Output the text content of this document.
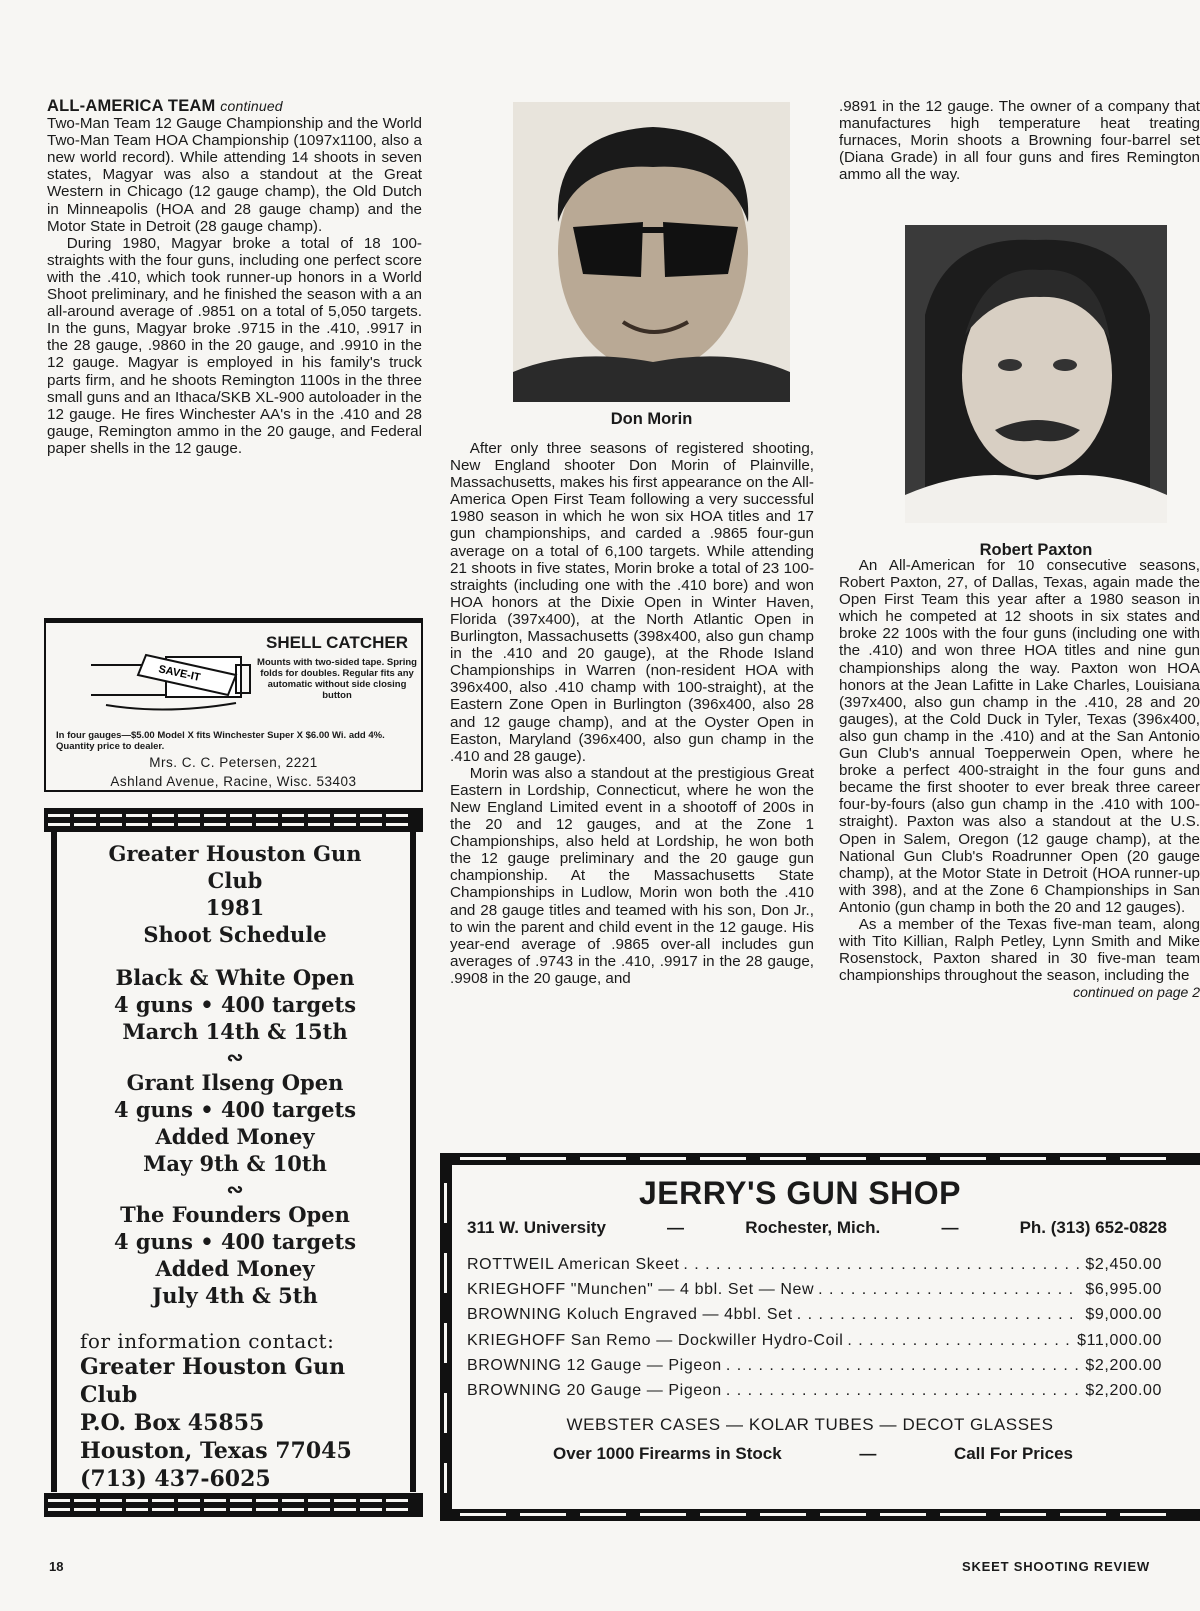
ALL-AMERICA TEAM continued

Two-Man Team 12 Gauge Championship and the World Two-Man Team HOA Championship (1097x1100, also a new world record). While attending 14 shoots in seven states, Magyar was also a standout at the Great Western in Chicago (12 gauge champ), the Old Dutch in Minneapolis (HOA and 28 gauge champ) and the Motor State in Detroit (28 gauge champ).

During 1980, Magyar broke a total of 18 100-straights with the four guns, including one perfect score with the .410, which took runner-up honors in a World Shoot preliminary, and he finished the season with a an all-around average of .9851 on a total of 5,050 targets. In the guns, Magyar broke .9715 in the .410, .9917 in the 28 gauge, .9860 in the 20 gauge, and .9910 in the 12 gauge. Magyar is employed in his family's truck parts firm, and he shoots Remington 1100s in the three small guns and an Ithaca/SKB XL-900 autoloader in the 12 gauge. He fires Winchester AA's in the .410 and 28 gauge, Remington ammo in the 20 gauge, and Federal paper shells in the 12 gauge.

Don Morin

After only three seasons of registered shooting, New England shooter Don Morin of Plainville, Massachusetts, makes his first appearance on the All-America Open First Team following a very successful 1980 season in which he won six HOA titles and 17 gun championships, and carded a .9865 four-gun average on a total of 6,100 targets. While attending 21 shoots in five states, Morin broke a total of 23 100-straights (including one with the .410 bore) and won HOA honors at the Dixie Open in Winter Haven, Florida (397x400), at the North Atlantic Open in Burlington, Massachusetts (398x400, also gun champ in the .410 and 20 gauge), at the Rhode Island Championships in Warren (non-resident HOA with 396x400, also .410 champ with 100-straight), at the Eastern Zone Open in Burlington (396x400, also 28 and 12 gauge champ), and at the Oyster Open in Easton, Maryland (396x400, also gun champ in the .410 and 28 gauge).

Morin was also a standout at the prestigious Great Eastern in Lordship, Connecticut, where he won the New England Limited event in a shootoff of 200s in the 20 and 12 gauges, and at the Zone 1 Championships, also held at Lordship, he won both the 12 gauge preliminary and the 20 gauge gun championship. At the Massachusetts State Championships in Ludlow, Morin won both the .410 and 28 gauge titles and teamed with his son, Don Jr., to win the parent and child event in the 12 gauge. His year-end average of .9865 over-all includes gun averages of .9743 in the .410, .9917 in the 28 gauge, .9908 in the 20 gauge, and

.9891 in the 12 gauge. The owner of a company that manufactures high temperature heat treating furnaces, Morin shoots a Browning four-barrel set (Diana Grade) in all four guns and fires Remington ammo all the way.

Robert Paxton

An All-American for 10 consecutive seasons, Robert Paxton, 27, of Dallas, Texas, again made the Open First Team this year after a 1980 season in which he competed at 12 shoots in six states and broke 22 100s with the four guns (including one with the .410) and won three HOA titles and nine gun championships along the way. Paxton won HOA honors at the Jean Lafitte in Lake Charles, Louisiana (397x400, also gun champ in the .410, 28 and 20 gauges), at the Cold Duck in Tyler, Texas (396x400, also gun champ in the .410) and at the San Antonio Gun Club's annual Toepperwein Open, where he broke a perfect 400-straight in the four guns and became the first shooter to ever break three career four-by-fours (also gun champ in the .410 with 100-straight). Paxton was also a standout at the U.S. Open in Salem, Oregon (12 gauge champ), at the National Gun Club's Roadrunner Open (20 gauge champ), at the Motor State in Detroit (HOA runner-up with 398), and at the Zone 6 Championships in San Antonio (gun champ in both the 20 and 12 gauges).

As a member of the Texas five-man team, along with Tito Killian, Ralph Petley, Lynn Smith and Mike Rosenstock, Paxton shared in 30 five-man team championships throughout the season, including the

continued on page 2

SAVE-IT
SHELL CATCHER
Mounts with two-sided tape. Spring folds for doubles. Regular fits any automatic without side closing button
In four gauges—$5.00 Model X fits Winchester Super X $6.00 Wi. add 4%. Quantity price to dealer.
Mrs. C. C. Petersen, 2221
Ashland Avenue, Racine, Wisc. 53403
Greater Houston Gun Club
1981
Shoot Schedule
Black & White Open
4 guns • 400 targets
March 14th & 15th
∾
Grant Ilseng Open
4 guns • 400 targets
Added Money
May 9th & 10th
∾
The Founders Open
4 guns • 400 targets
Added Money
July 4th & 5th
for information contact:
Greater Houston Gun Club
P.O. Box 45855
Houston, Texas 77045
(713) 437-6025
JERRY'S GUN SHOP
311 W. University	—	Rochester, Mich.	—	Ph. (313) 652-0828
ROTTWEIL American Skeet . . .	$2,450.00
KRIEGHOFF "Munchen" — 4 bbl. Set — New . . .	$6,995.00
BROWNING Koluch Engraved — 4bbl. Set . . .	$9,000.00
KRIEGHOFF San Remo — Dockwiller Hydro-Coil . . .	$11,000.00
BROWNING 12 Gauge — Pigeon . . .	$2,200.00
BROWNING 20 Gauge — Pigeon . . .	$2,200.00
WEBSTER CASES — KOLAR TUBES — DECOT GLASSES
Over 1000 Firearms in Stock	—	Call For Prices
18	SKEET SHOOTING REVIEW
